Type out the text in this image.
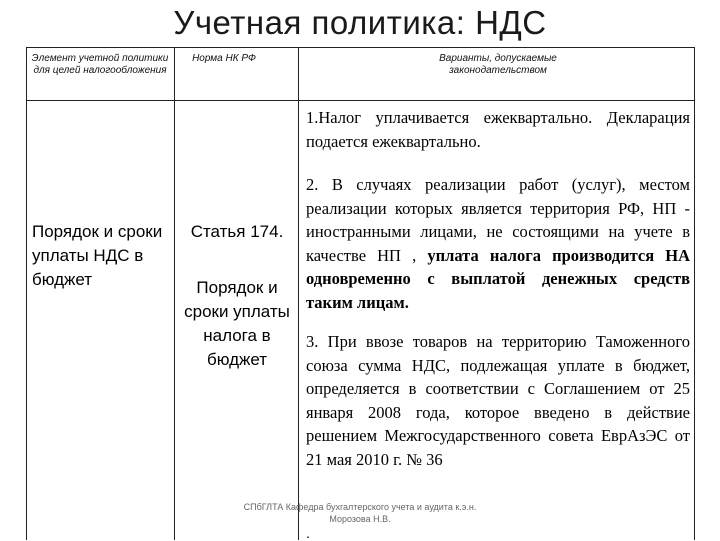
Учетная политика: НДС
Элемент учетной политики для целей налогообложения
Норма НК РФ	Варианты, допускаемые законодательством
Порядок и сроки уплаты НДС в бюджет
Статья 174.
Порядок и сроки уплаты налога в бюджет

1.Налог уплачивается ежеквартально. Декларация подается ежеквартально.

2. В случаях реализации работ (услуг), местом реализации которых является территория РФ, НП - иностранными лицами, не состоящими на учете в качестве НП , уплата налога производится НА одновременно с выплатой денежных средств таким лицам.

3. При ввозе товаров на территорию Таможенного союза сумма НДС, подлежащая уплате в бюджет, определяется в соответствии с Соглашением от 25 января 2008 года, которое введено в действие решением Межгосударственного совета ЕврАзЭС от 21 мая 2010 г. № 36

.
СПбГЛТА Кафедра бухгалтерского учета и аудита к.э.н. Морозова Н.В.
